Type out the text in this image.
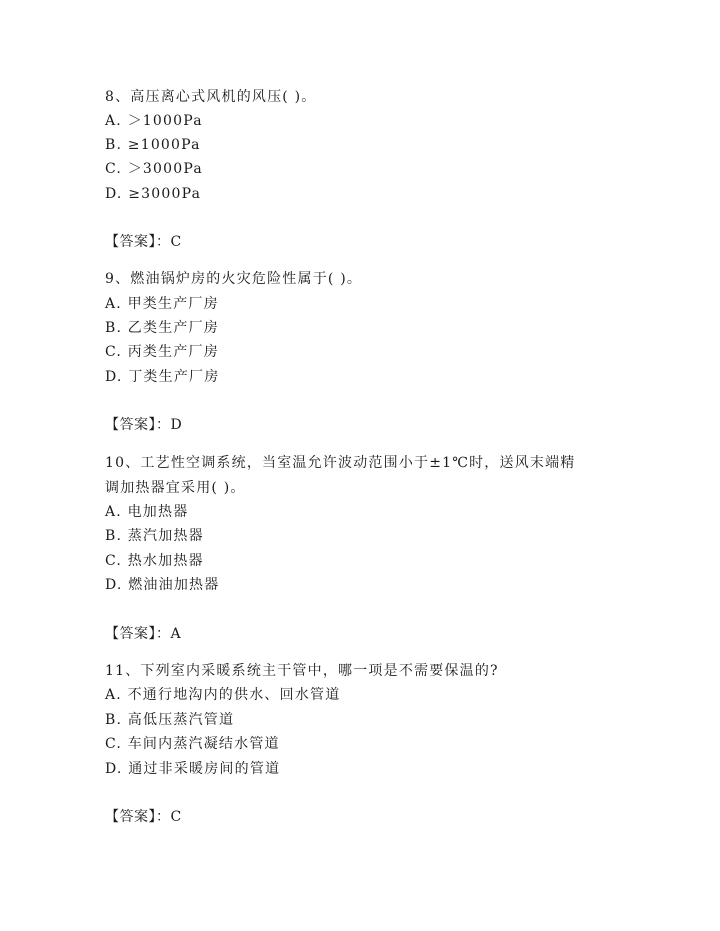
8、高压离心式风机的风压( )。
A. ＞1000Pa
B. ≥1000Pa
C. ＞3000Pa
D. ≥3000Pa
【答案】：C
9、燃油锅炉房的火灾危险性属于( )。
A. 甲类生产厂房
B. 乙类生产厂房
C. 丙类生产厂房
D. 丁类生产厂房
【答案】：D
10、工艺性空调系统，当室温允许波动范围小于±1℃时，送风末端精
调加热器宜采用( )。
A. 电加热器
B. 蒸汽加热器
C. 热水加热器
D. 燃油油加热器
【答案】：A
11、下列室内采暖系统主干管中，哪一项是不需要保温的?
A. 不通行地沟内的供水、回水管道
B. 高低压蒸汽管道
C. 车间内蒸汽凝结水管道
D. 通过非采暖房间的管道
【答案】：C
